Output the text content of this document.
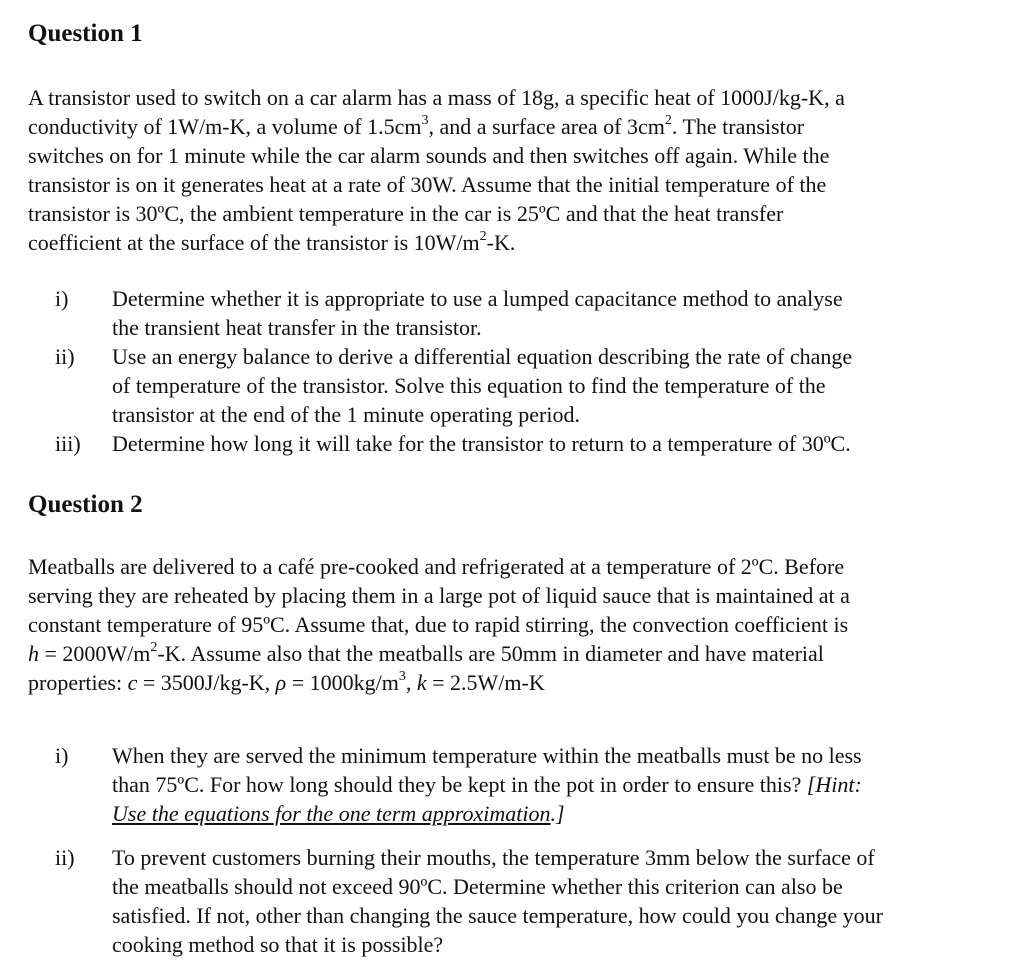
Question 1
A transistor used to switch on a car alarm has a mass of 18g, a specific heat of 1000J/kg-K, a
conductivity of 1W/m-K, a volume of $1.5cm^3$, and a surface area of $3cm^2$. The transistor
switches on for 1 minute while the car alarm sounds and then switches off again. While the
transistor is on it generates heat at a rate of 30W. Assume that the initial temperature of the
transistor is 30ºC, the ambient temperature in the car is 25ºC and that the heat transfer
coefficient at the surface of the transistor is $10W/m^2-K$.
i)	Determine whether it is appropriate to use a lumped capacitance method to analyse
the transient heat transfer in the transistor.
ii)	Use an energy balance to derive a differential equation describing the rate of change
of temperature of the transistor. Solve this equation to find the temperature of the
transistor at the end of the 1 minute operating period.
iii)	Determine how long it will take for the transistor to return to a temperature of 30ºC.
Question 2
Meatballs are delivered to a café pre-cooked and refrigerated at a temperature of 2ºC. Before
serving they are reheated by placing them in a large pot of liquid sauce that is maintained at a
constant temperature of 95ºC. Assume that, due to rapid stirring, the convection coefficient is
$h = 2000W/m^2-K$. Assume also that the meatballs are 50mm in diameter and have material
properties: c = 3500J/kg-K, $\rho = 1000kg/m^3$, k = 2.5W/m-K
i)	When they are served the minimum temperature within the meatballs must be no less
than 75ºC. For how long should they be kept in the pot in order to ensure this? [Hint:
Use the equations for the one term approximation.]
ii)	To prevent customers burning their mouths, the temperature 3mm below the surface of
the meatballs should not exceed 90ºC. Determine whether this criterion can also be
satisfied. If not, other than changing the sauce temperature, how could you change your
cooking method so that it is possible?
